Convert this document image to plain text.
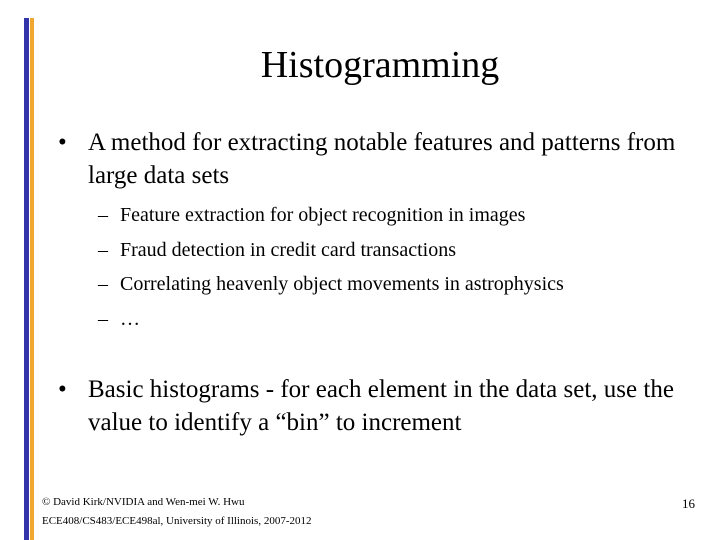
Histogramming
• A method for extracting notable features and patterns from large data sets
– Feature extraction for object recognition in images
– Fraud detection in credit card transactions
– Correlating heavenly object movements in astrophysics
– …
• Basic histograms - for each element in the data set, use the value to identify a “bin” to increment
© David Kirk/NVIDIA and Wen-mei W. Hwu
ECE408/CS483/ECE498al, University of Illinois, 2007-2012
16
